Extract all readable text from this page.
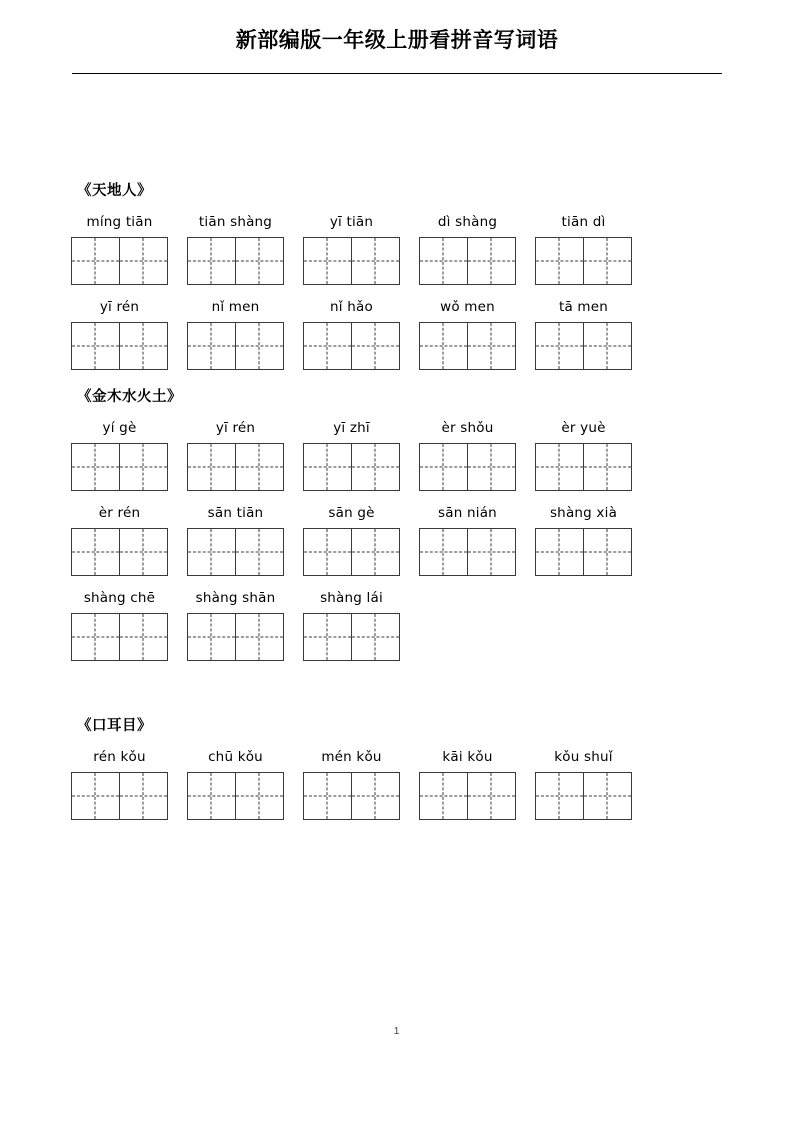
新部编版一年级上册看拼音写词语
《天地人》
míng tiān	tiān shàng	yī tiān	dì shàng	tiān dì
yī rén	nǐ men	nǐ hǎo	wǒ men	tā men
《金木水火土》
yí gè	yī rén	yī zhī	èr shǒu	èr yuè
èr rén	sān tiān	sān gè	sān nián	shàng xià
shàng chē	shàng shān	shàng lái
《口耳目》
rén kǒu	chū kǒu	mén kǒu	kāi kǒu	kǒu shuǐ
1
